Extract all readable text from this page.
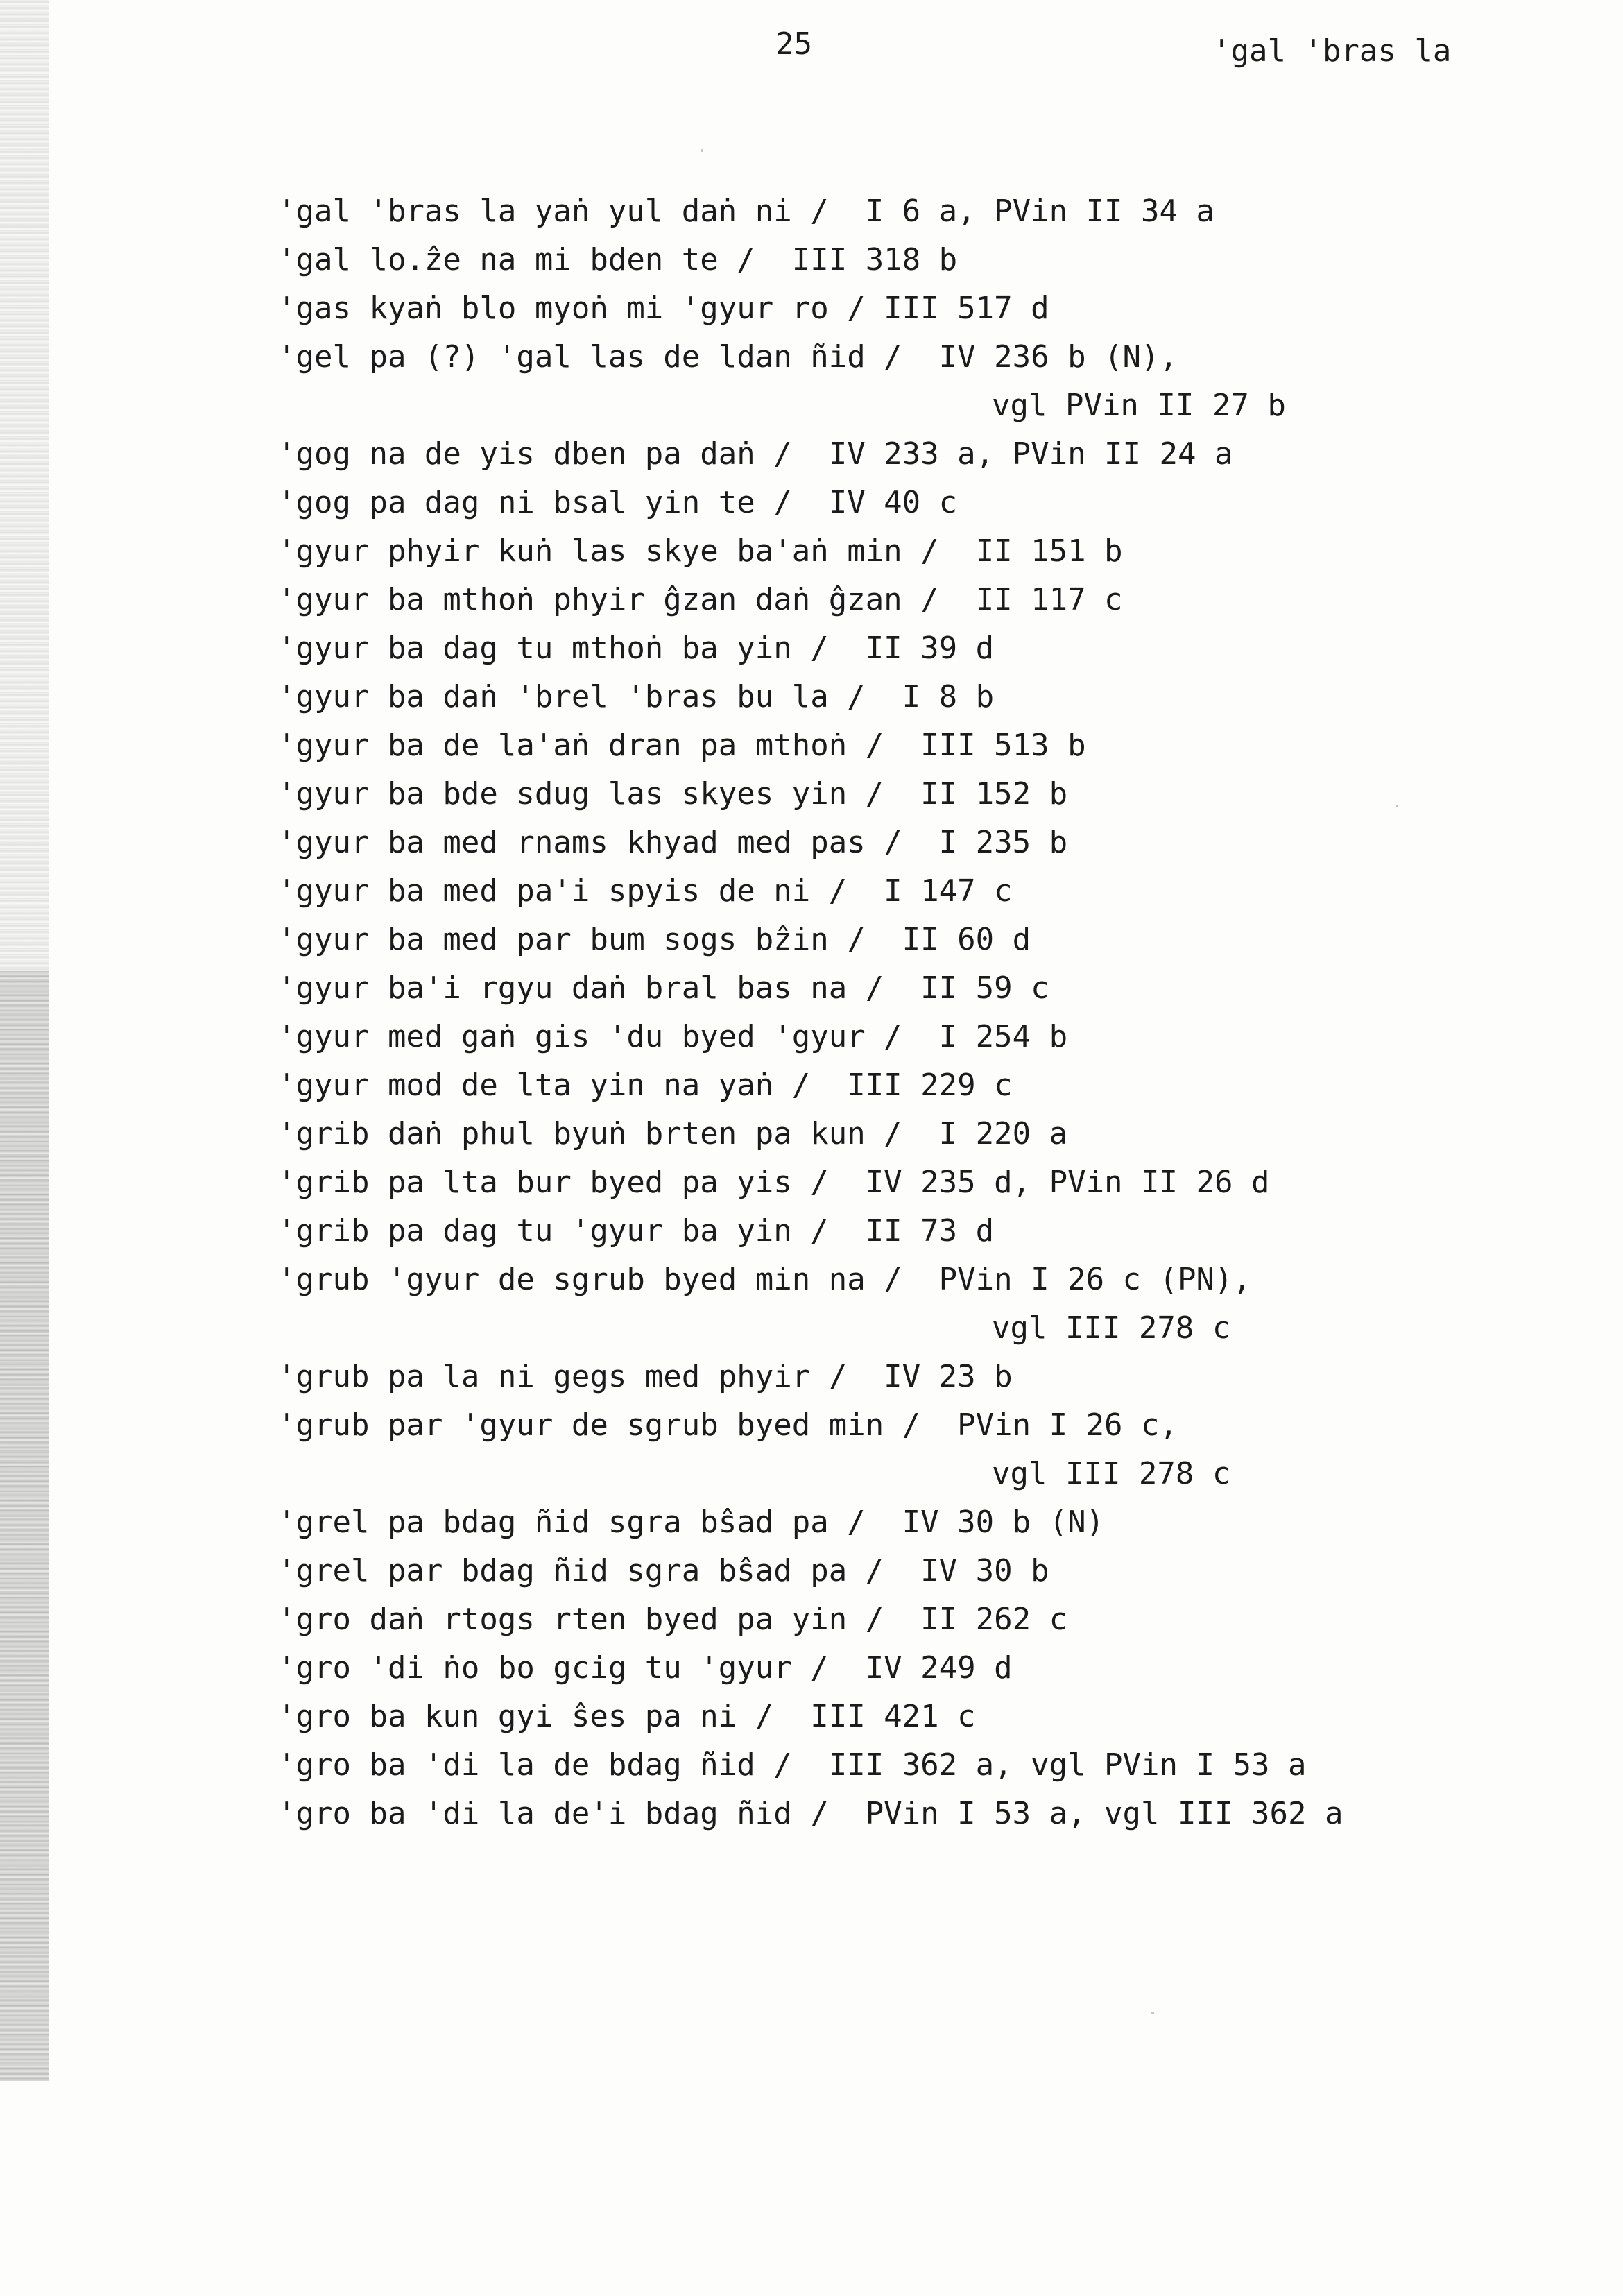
25	'gal 'bras la
'gal 'bras la yaṅ yul daṅ ni /  I 6 a, PVin II 34 a
'gal lo.ẑe na mi bden te /  III 318 b
'gas kyaṅ blo myoṅ mi 'gyur ro / III 517 d
'gel pa (?) 'gal las de ldan ñid /  IV 236 b (N),
vgl PVin II 27 b
'gog na de yis dben pa daṅ /  IV 233 a, PVin II 24 a
'gog pa dag ni bsal yin te /  IV 40 c
'gyur phyir kuṅ las skye ba'aṅ min /  II 151 b
'gyur ba mthoṅ phyir ĝzan daṅ ĝzan /  II 117 c
'gyur ba dag tu mthoṅ ba yin /  II 39 d
'gyur ba daṅ 'brel 'bras bu la /  I 8 b
'gyur ba de la'aṅ dran pa mthoṅ /  III 513 b
'gyur ba bde sdug las skyes yin /  II 152 b
'gyur ba med rnams khyad med pas /  I 235 b
'gyur ba med pa'i spyis de ni /  I 147 c
'gyur ba med par bum sogs bẑin /  II 60 d
'gyur ba'i rgyu daṅ bral bas na /  II 59 c
'gyur med gaṅ gis 'du byed 'gyur /  I 254 b
'gyur mod de lta yin na yaṅ /  III 229 c
'grib daṅ phul byuṅ brten pa kun /  I 220 a
'grib pa lta bur byed pa yis /  IV 235 d, PVin II 26 d
'grib pa dag tu 'gyur ba yin /  II 73 d
'grub 'gyur de sgrub byed min na /  PVin I 26 c (PN),
vgl III 278 c
'grub pa la ni gegs med phyir /  IV 23 b
'grub par 'gyur de sgrub byed min /  PVin I 26 c,
vgl III 278 c
'grel pa bdag ñid sgra bŝad pa /  IV 30 b (N)
'grel par bdag ñid sgra bŝad pa /  IV 30 b
'gro daṅ rtogs rten byed pa yin /  II 262 c
'gro 'di ṅo bo gcig tu 'gyur /  IV 249 d
'gro ba kun gyi ŝes pa ni /  III 421 c
'gro ba 'di la de bdag ñid /  III 362 a, vgl PVin I 53 a
'gro ba 'di la de'i bdag ñid /  PVin I 53 a, vgl III 362 a
